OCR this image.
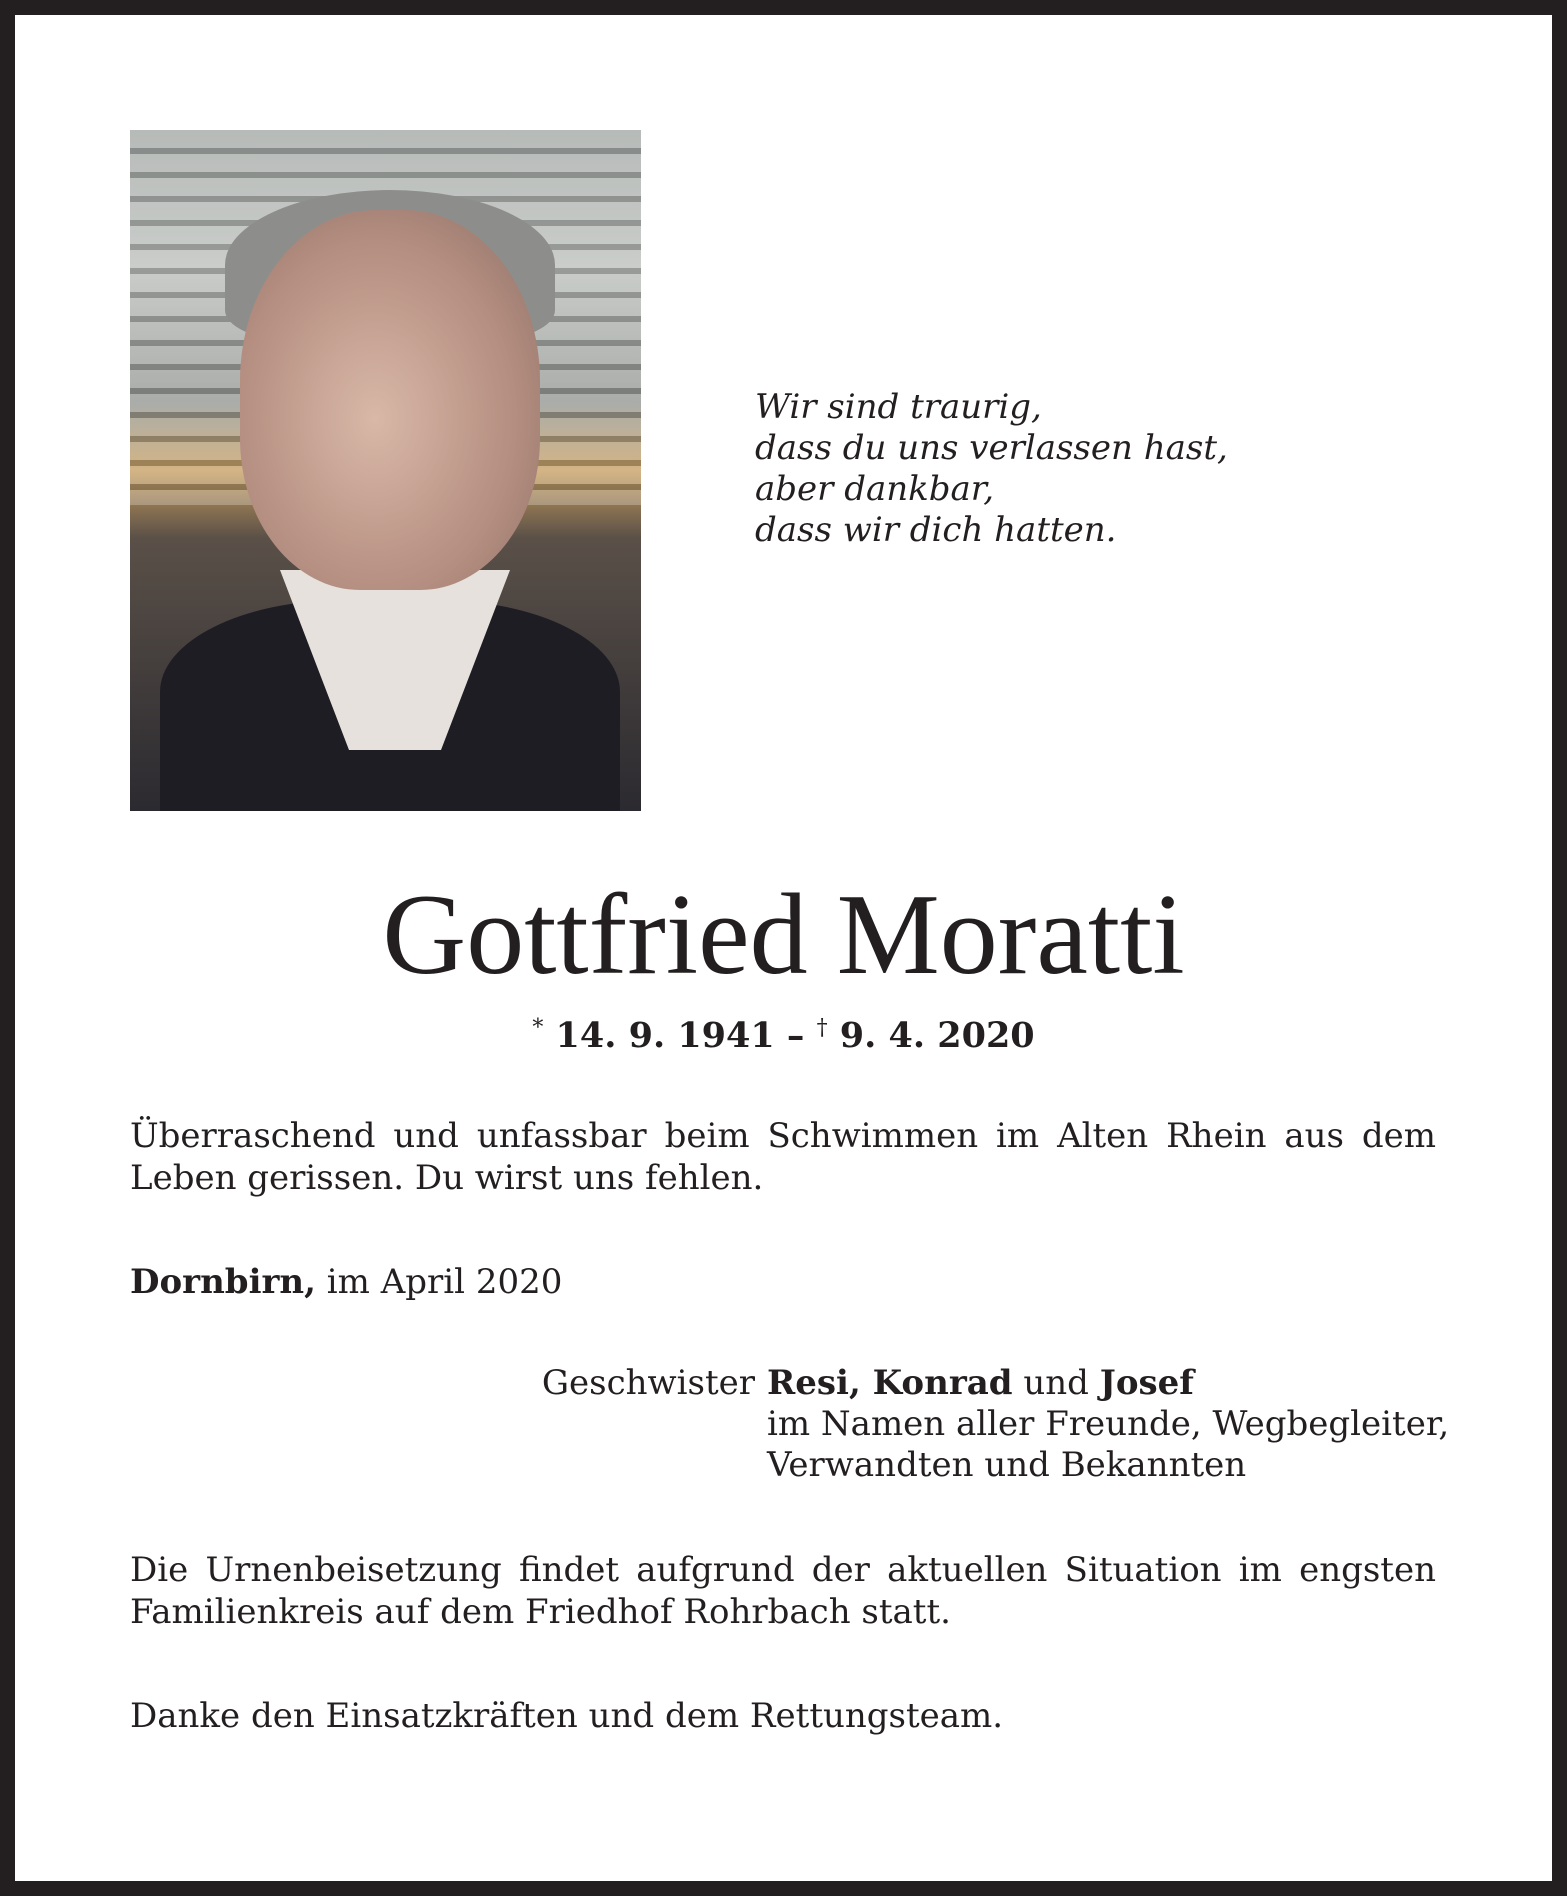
Wir sind traurig,
dass du uns verlassen hast,
aber dankbar,
dass wir dich hatten.
Gottfried Moratti
* 14. 9. 1941 – † 9. 4. 2020
Überraschend und unfassbar beim Schwimmen im Alten Rhein aus dem Leben gerissen. Du wirst uns fehlen.
Dornbirn, im April 2020
Geschwister Resi, Konrad und Josef
im Namen aller Freunde, Wegbegleiter,
Verwandten und Bekannten
Die Urnenbeisetzung findet aufgrund der aktuellen Situation im engsten Familienkreis auf dem Friedhof Rohrbach statt.
Danke den Einsatzkräften und dem Rettungsteam.
